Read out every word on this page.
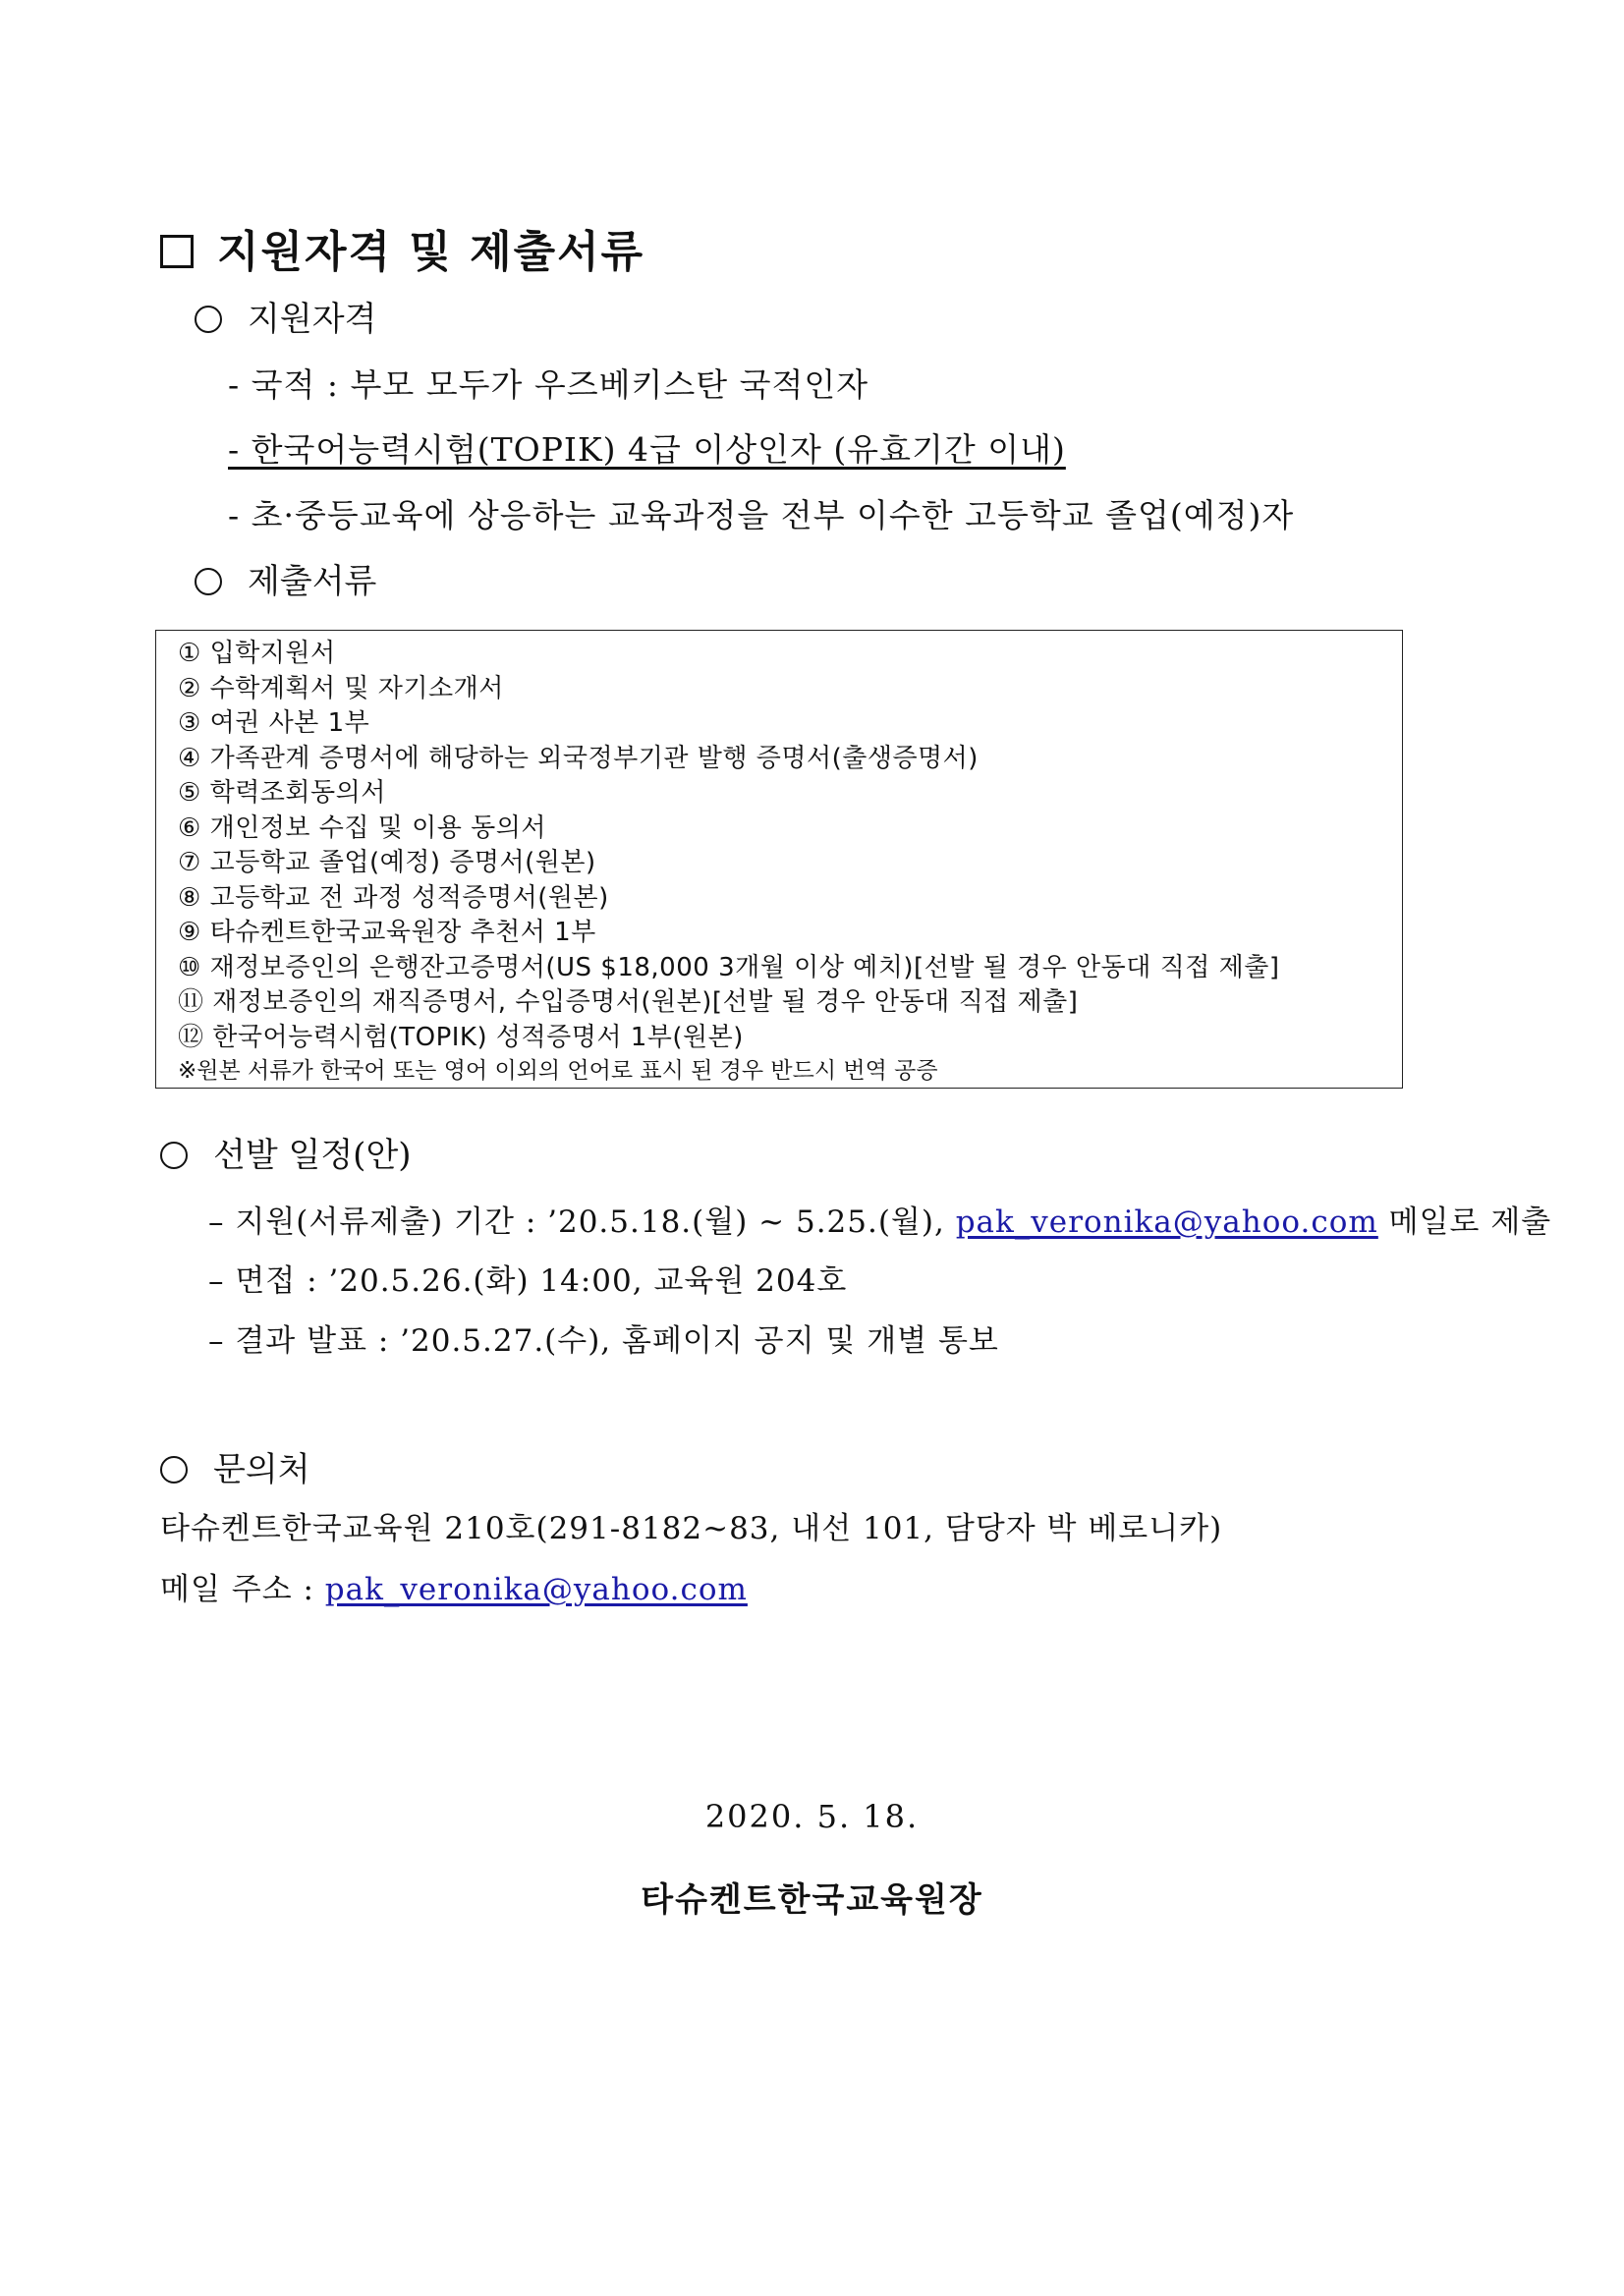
지원자격 및 제출서류
지원자격
- 국적 : 부모 모두가 우즈베키스탄 국적인자
- 한국어능력시험(TOPIK) 4급 이상인자 (유효기간 이내)
- 초·중등교육에 상응하는 교육과정을 전부 이수한 고등학교 졸업(예정)자
제출서류
① 입학지원서
② 수학계획서 및 자기소개서
③ 여권 사본 1부
④ 가족관계 증명서에 해당하는 외국정부기관 발행 증명서(출생증명서)
⑤ 학력조회동의서
⑥ 개인정보 수집 및 이용 동의서
⑦ 고등학교 졸업(예정) 증명서(원본)
⑧ 고등학교 전 과정 성적증명서(원본)
⑨ 타슈켄트한국교육원장 추천서 1부
⑩ 재정보증인의 은행잔고증명서(US $18,000 3개월 이상 예치)[선발 될 경우 안동대 직접 제출]
⑪ 재정보증인의 재직증명서, 수입증명서(원본)[선발 될 경우 안동대 직접 제출]
⑫ 한국어능력시험(TOPIK) 성적증명서 1부(원본)
※원본 서류가 한국어 또는 영어 이외의 언어로 표시 된 경우 반드시 번역 공증
선발 일정(안)
– 지원(서류제출) 기간 : ’20.5.18.(월) ~ 5.25.(월), pak_veronika@yahoo.com 메일로 제출
– 면접 : ’20.5.26.(화) 14:00, 교육원 204호
– 결과 발표 : ’20.5.27.(수), 홈페이지 공지 및 개별 통보
문의처
타슈켄트한국교육원 210호(291-8182~83, 내선 101, 담당자 박 베로니카)
메일 주소 : pak_veronika@yahoo.com
2020. 5. 18.
타슈켄트한국교육원장
